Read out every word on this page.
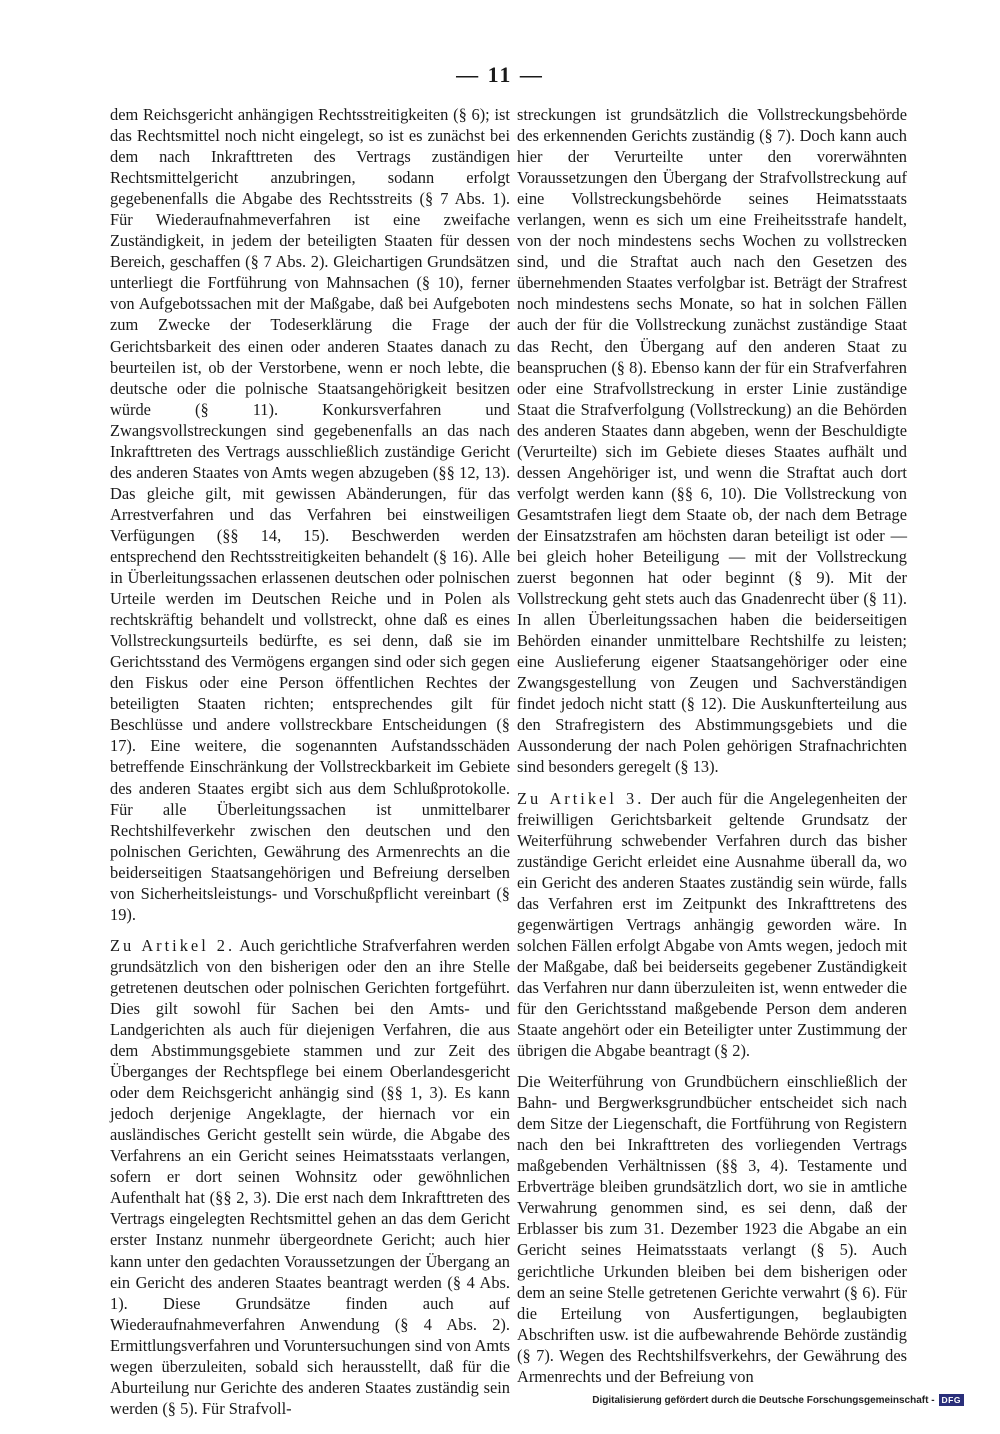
— 11 —

dem Reichsgericht anhängigen Rechtsstreitigkeiten (§ 6); ist das Rechtsmittel noch nicht eingelegt, so ist es zunächst bei dem nach Inkrafttreten des Vertrags zuständigen Rechtsmittelgericht anzubringen, sodann erfolgt gegebenenfalls die Abgabe des Rechtsstreits (§ 7 Abs. 1). Für Wiederaufnahmeverfahren ist eine zweifache Zuständigkeit, in jedem der beteiligten Staaten für dessen Bereich, geschaffen (§ 7 Abs. 2). Gleichartigen Grundsätzen unterliegt die Fortführung von Mahnsachen (§ 10), ferner von Aufgebotssachen mit der Maßgabe, daß bei Aufgeboten zum Zwecke der Todeserklärung die Frage der Gerichtsbarkeit des einen oder anderen Staates danach zu beurteilen ist, ob der Verstorbene, wenn er noch lebte, die deutsche oder die polnische Staatsangehörigkeit besitzen würde (§ 11). Konkursverfahren und Zwangsvollstreckungen sind gegebenenfalls an das nach Inkrafttreten des Vertrags ausschließlich zuständige Gericht des anderen Staates von Amts wegen abzugeben (§§ 12, 13). Das gleiche gilt, mit gewissen Abänderungen, für das Arrestverfahren und das Verfahren bei einstweiligen Verfügungen (§§ 14, 15). Beschwerden werden entsprechend den Rechtsstreitigkeiten behandelt (§ 16). Alle in Überleitungssachen erlassenen deutschen oder polnischen Urteile werden im Deutschen Reiche und in Polen als rechtskräftig behandelt und vollstreckt, ohne daß es eines Vollstreckungsurteils bedürfte, es sei denn, daß sie im Gerichtsstand des Vermögens ergangen sind oder sich gegen den Fiskus oder eine Person öffentlichen Rechtes der beteiligten Staaten richten; entsprechendes gilt für Beschlüsse und andere vollstreckbare Entscheidungen (§ 17). Eine weitere, die sogenannten Aufstandsschäden betreffende Einschränkung der Vollstreckbarkeit im Gebiete des anderen Staates ergibt sich aus dem Schlußprotokolle. Für alle Überleitungssachen ist unmittelbarer Rechtshilfeverkehr zwischen den deutschen und den polnischen Gerichten, Gewährung des Armenrechts an die beiderseitigen Staatsangehörigen und Befreiung derselben von Sicherheitsleistungs- und Vorschußpflicht vereinbart (§ 19).

Zu Artikel 2. Auch gerichtliche Strafverfahren werden grundsätzlich von den bisherigen oder den an ihre Stelle getretenen deutschen oder polnischen Gerichten fortgeführt. Dies gilt sowohl für Sachen bei den Amts- und Landgerichten als auch für diejenigen Verfahren, die aus dem Abstimmungsgebiete stammen und zur Zeit des Überganges der Rechtspflege bei einem Oberlandesgericht oder dem Reichsgericht anhängig sind (§§ 1, 3). Es kann jedoch derjenige Angeklagte, der hiernach vor ein ausländisches Gericht gestellt sein würde, die Abgabe des Verfahrens an ein Gericht seines Heimatsstaats verlangen, sofern er dort seinen Wohnsitz oder gewöhnlichen Aufenthalt hat (§§ 2, 3). Die erst nach dem Inkrafttreten des Vertrags eingelegten Rechtsmittel gehen an das dem Gericht erster Instanz nunmehr übergeordnete Gericht; auch hier kann unter den gedachten Voraussetzungen der Übergang an ein Gericht des anderen Staates beantragt werden (§ 4 Abs. 1). Diese Grundsätze finden auch auf Wiederaufnahmeverfahren Anwendung (§ 4 Abs. 2). Ermittlungsverfahren und Voruntersuchungen sind von Amts wegen überzuleiten, sobald sich herausstellt, daß für die Aburteilung nur Gerichte des anderen Staates zuständig sein werden (§ 5). Für Strafvoll-

streckungen ist grundsätzlich die Vollstreckungsbehörde des erkennenden Gerichts zuständig (§ 7). Doch kann auch hier der Verurteilte unter den vorerwähnten Voraussetzungen den Übergang der Strafvollstreckung auf eine Vollstreckungsbehörde seines Heimatsstaats verlangen, wenn es sich um eine Freiheitsstrafe handelt, von der noch mindestens sechs Wochen zu vollstrecken sind, und die Straftat auch nach den Gesetzen des übernehmenden Staates verfolgbar ist. Beträgt der Strafrest noch mindestens sechs Monate, so hat in solchen Fällen auch der für die Vollstreckung zunächst zuständige Staat das Recht, den Übergang auf den anderen Staat zu beanspruchen (§ 8). Ebenso kann der für ein Strafverfahren oder eine Strafvollstreckung in erster Linie zuständige Staat die Strafverfolgung (Vollstreckung) an die Behörden des anderen Staates dann abgeben, wenn der Beschuldigte (Verurteilte) sich im Gebiete dieses Staates aufhält und dessen Angehöriger ist, und wenn die Straftat auch dort verfolgt werden kann (§§ 6, 10). Die Vollstreckung von Gesamtstrafen liegt dem Staate ob, der nach dem Betrage der Einsatzstrafen am höchsten daran beteiligt ist oder — bei gleich hoher Beteiligung — mit der Vollstreckung zuerst begonnen hat oder beginnt (§ 9). Mit der Vollstreckung geht stets auch das Gnadenrecht über (§ 11). In allen Überleitungssachen haben die beiderseitigen Behörden einander unmittelbare Rechtshilfe zu leisten; eine Auslieferung eigener Staatsangehöriger oder eine Zwangsgestellung von Zeugen und Sachverständigen findet jedoch nicht statt (§ 12). Die Auskunfterteilung aus den Strafregistern des Abstimmungsgebiets und die Aussonderung der nach Polen gehörigen Strafnachrichten sind besonders geregelt (§ 13).

Zu Artikel 3. Der auch für die Angelegenheiten der freiwilligen Gerichtsbarkeit geltende Grundsatz der Weiterführung schwebender Verfahren durch das bisher zuständige Gericht erleidet eine Ausnahme überall da, wo ein Gericht des anderen Staates zuständig sein würde, falls das Verfahren erst im Zeitpunkt des Inkrafttretens des gegenwärtigen Vertrags anhängig geworden wäre. In solchen Fällen erfolgt Abgabe von Amts wegen, jedoch mit der Maßgabe, daß bei beiderseits gegebener Zuständigkeit das Verfahren nur dann überzuleiten ist, wenn entweder die für den Gerichtsstand maßgebende Person dem anderen Staate angehört oder ein Beteiligter unter Zustimmung der übrigen die Abgabe beantragt (§ 2).

Die Weiterführung von Grundbüchern einschließlich der Bahn- und Bergwerksgrundbücher entscheidet sich nach dem Sitze der Liegenschaft, die Fortführung von Registern nach den bei Inkrafttreten des vorliegenden Vertrags maßgebenden Verhältnissen (§§ 3, 4). Testamente und Erbverträge bleiben grundsätzlich dort, wo sie in amtliche Verwahrung genommen sind, es sei denn, daß der Erblasser bis zum 31. Dezember 1923 die Abgabe an ein Gericht seines Heimatsstaats verlangt (§ 5). Auch gerichtliche Urkunden bleiben bei dem bisherigen oder dem an seine Stelle getretenen Gerichte verwahrt (§ 6). Für die Erteilung von Ausfertigungen, beglaubigten Abschriften usw. ist die aufbewahrende Behörde zuständig (§ 7). Wegen des Rechtshilfsverkehrs, der Gewährung des Armenrechts und der Befreiung von

Digitalisierung gefördert durch die Deutsche Forschungsgemeinschaft - DFG
